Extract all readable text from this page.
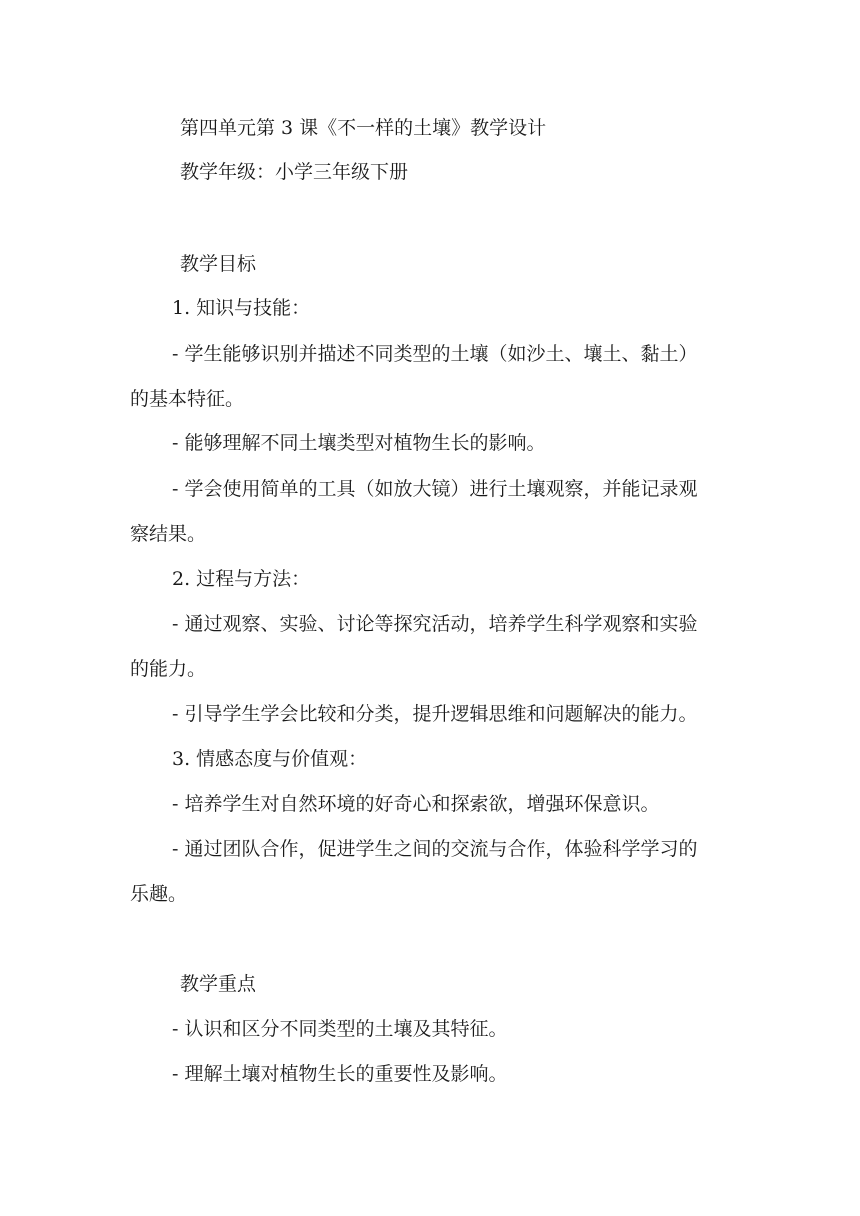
第四单元第 3 课《不一样的土壤》教学设计
教学年级：小学三年级下册
教学目标
1. 知识与技能：
- 学生能够识别并描述不同类型的土壤（如沙土、壤土、黏土）
的基本特征。
- 能够理解不同土壤类型对植物生长的影响。
- 学会使用简单的工具（如放大镜）进行土壤观察，并能记录观
察结果。
2. 过程与方法：
- 通过观察、实验、讨论等探究活动，培养学生科学观察和实验
的能力。
- 引导学生学会比较和分类，提升逻辑思维和问题解决的能力。
3. 情感态度与价值观：
- 培养学生对自然环境的好奇心和探索欲，增强环保意识。
- 通过团队合作，促进学生之间的交流与合作，体验科学学习的
乐趣。
教学重点
- 认识和区分不同类型的土壤及其特征。
- 理解土壤对植物生长的重要性及影响。
